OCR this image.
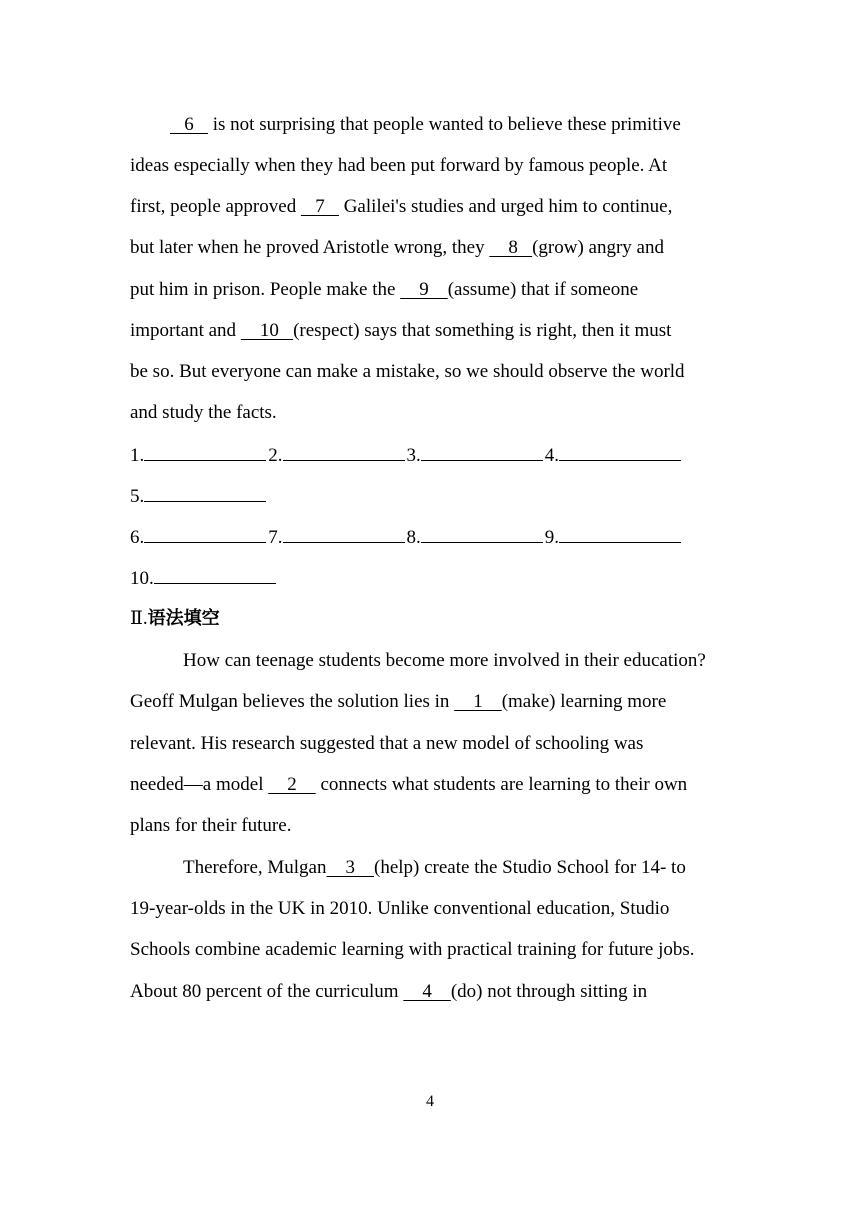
6    is not surprising that people wanted to believe these primitive

ideas especially when they had been put forward by famous people. At

first, people approved    7    Galilei's studies and urged him to continue,

but later when he proved Aristotle wrong, they     8   (grow) angry and

put him in prison. People make the     9    (assume) that if someone

important and     10   (respect) says that something is right, then it must

be so. But everyone can make a mistake, so we should observe the world

and study the facts.

1.	2.	3.	4.
5.
6.	7.	8.	9.
10.
Ⅱ.语法填空

How can teenage students become more involved in their education?

Geoff Mulgan believes the solution lies in     1    (make) learning more

relevant. His research suggested that a new model of schooling was

needed—a model     2     connects what students are learning to their own

plans for their future.

Therefore, Mulgan    3    (help) create the Studio School for 14- to

19-year-olds in the UK in 2010. Unlike conventional education, Studio

Schools combine academic learning with practical training for future jobs.

About 80 percent of the curriculum     4    (do) not through sitting in

4
